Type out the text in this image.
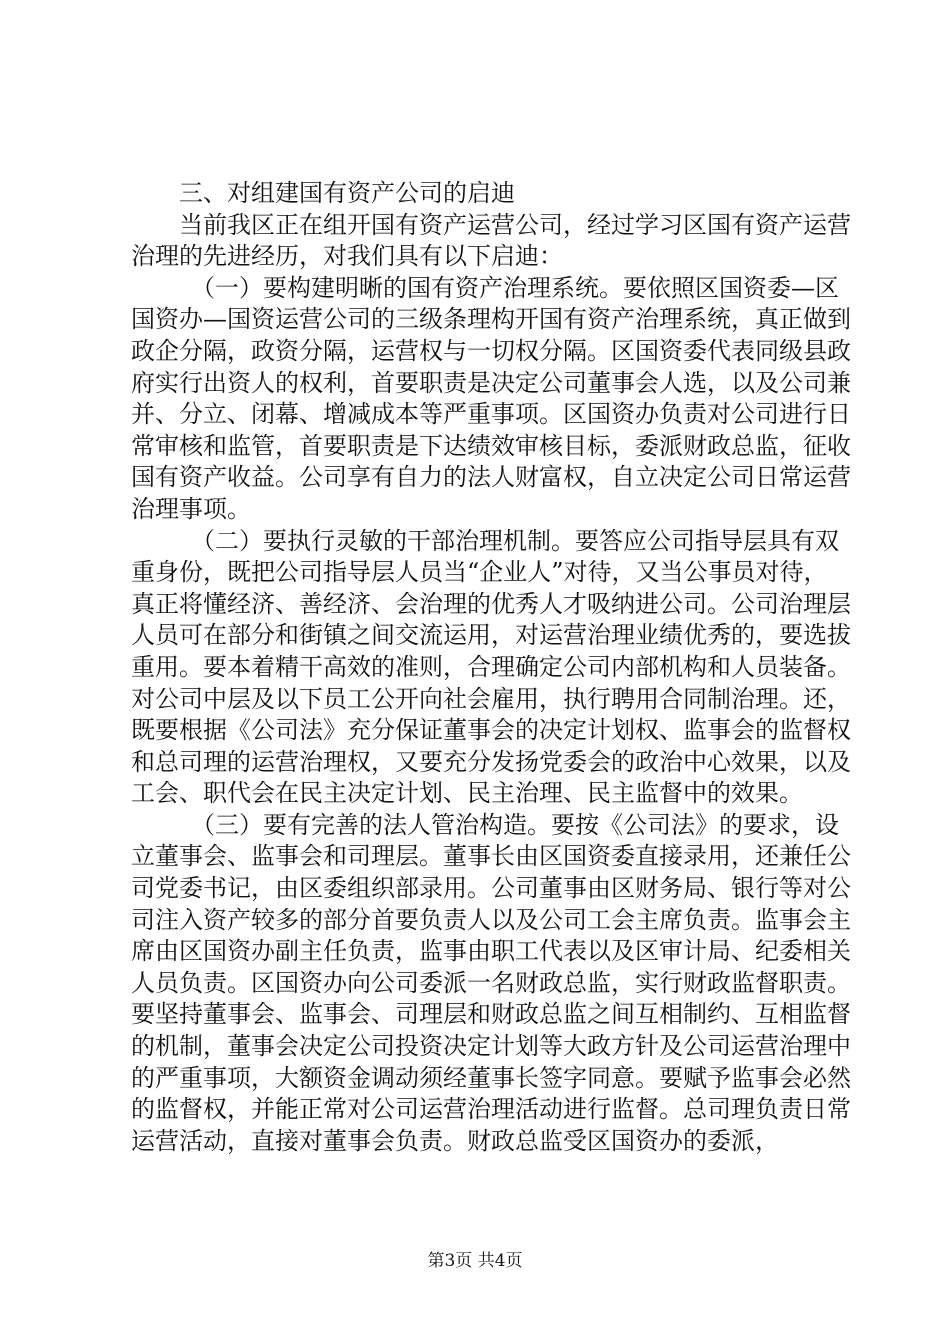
三、对组建国有资产公司的启迪

当前我区正在组开国有资产运营公司，经过学习区国有资产运营治理的先进经历，对我们具有以下启迪：

（一）要构建明晰的国有资产治理系统。要依照区国资委—区国资办—国资运营公司的三级条理构开国有资产治理系统，真正做到政企分隔，政资分隔，运营权与一切权分隔。区国资委代表同级县政府实行出资人的权利，首要职责是决定公司董事会人选，以及公司兼并、分立、闭幕、增减成本等严重事项。区国资办负责对公司进行日常审核和监管，首要职责是下达绩效审核目标，委派财政总监，征收国有资产收益。公司享有自力的法人财富权，自立决定公司日常运营治理事项。

（二）要执行灵敏的干部治理机制。要答应公司指导层具有双重身份，既把公司指导层人员当“企业人”对待，又当公事员对待，真正将懂经济、善经济、会治理的优秀人才吸纳进公司。公司治理层人员可在部分和街镇之间交流运用，对运营治理业绩优秀的，要选拔重用。要本着精干高效的准则，合理确定公司内部机构和人员装备。对公司中层及以下员工公开向社会雇用，执行聘用合同制治理。还，既要根据《公司法》充分保证董事会的决定计划权、监事会的监督权和总司理的运营治理权，又要充分发扬党委会的政治中心效果，以及工会、职代会在民主决定计划、民主治理、民主监督中的效果。

（三）要有完善的法人管治构造。要按《公司法》的要求，设立董事会、监事会和司理层。董事长由区国资委直接录用，还兼任公司党委书记，由区委组织部录用。公司董事由区财务局、银行等对公司注入资产较多的部分首要负责人以及公司工会主席负责。监事会主席由区国资办副主任负责，监事由职工代表以及区审计局、纪委相关人员负责。区国资办向公司委派一名财政总监，实行财政监督职责。要坚持董事会、监事会、司理层和财政总监之间互相制约、互相监督的机制，董事会决定公司投资决定计划等大政方针及公司运营治理中的严重事项，大额资金调动须经董事长签字同意。要赋予监事会必然的监督权，并能正常对公司运营治理活动进行监督。总司理负责日常运营活动，直接对董事会负责。财政总监受区国资办的委派，

第3页 共4页
